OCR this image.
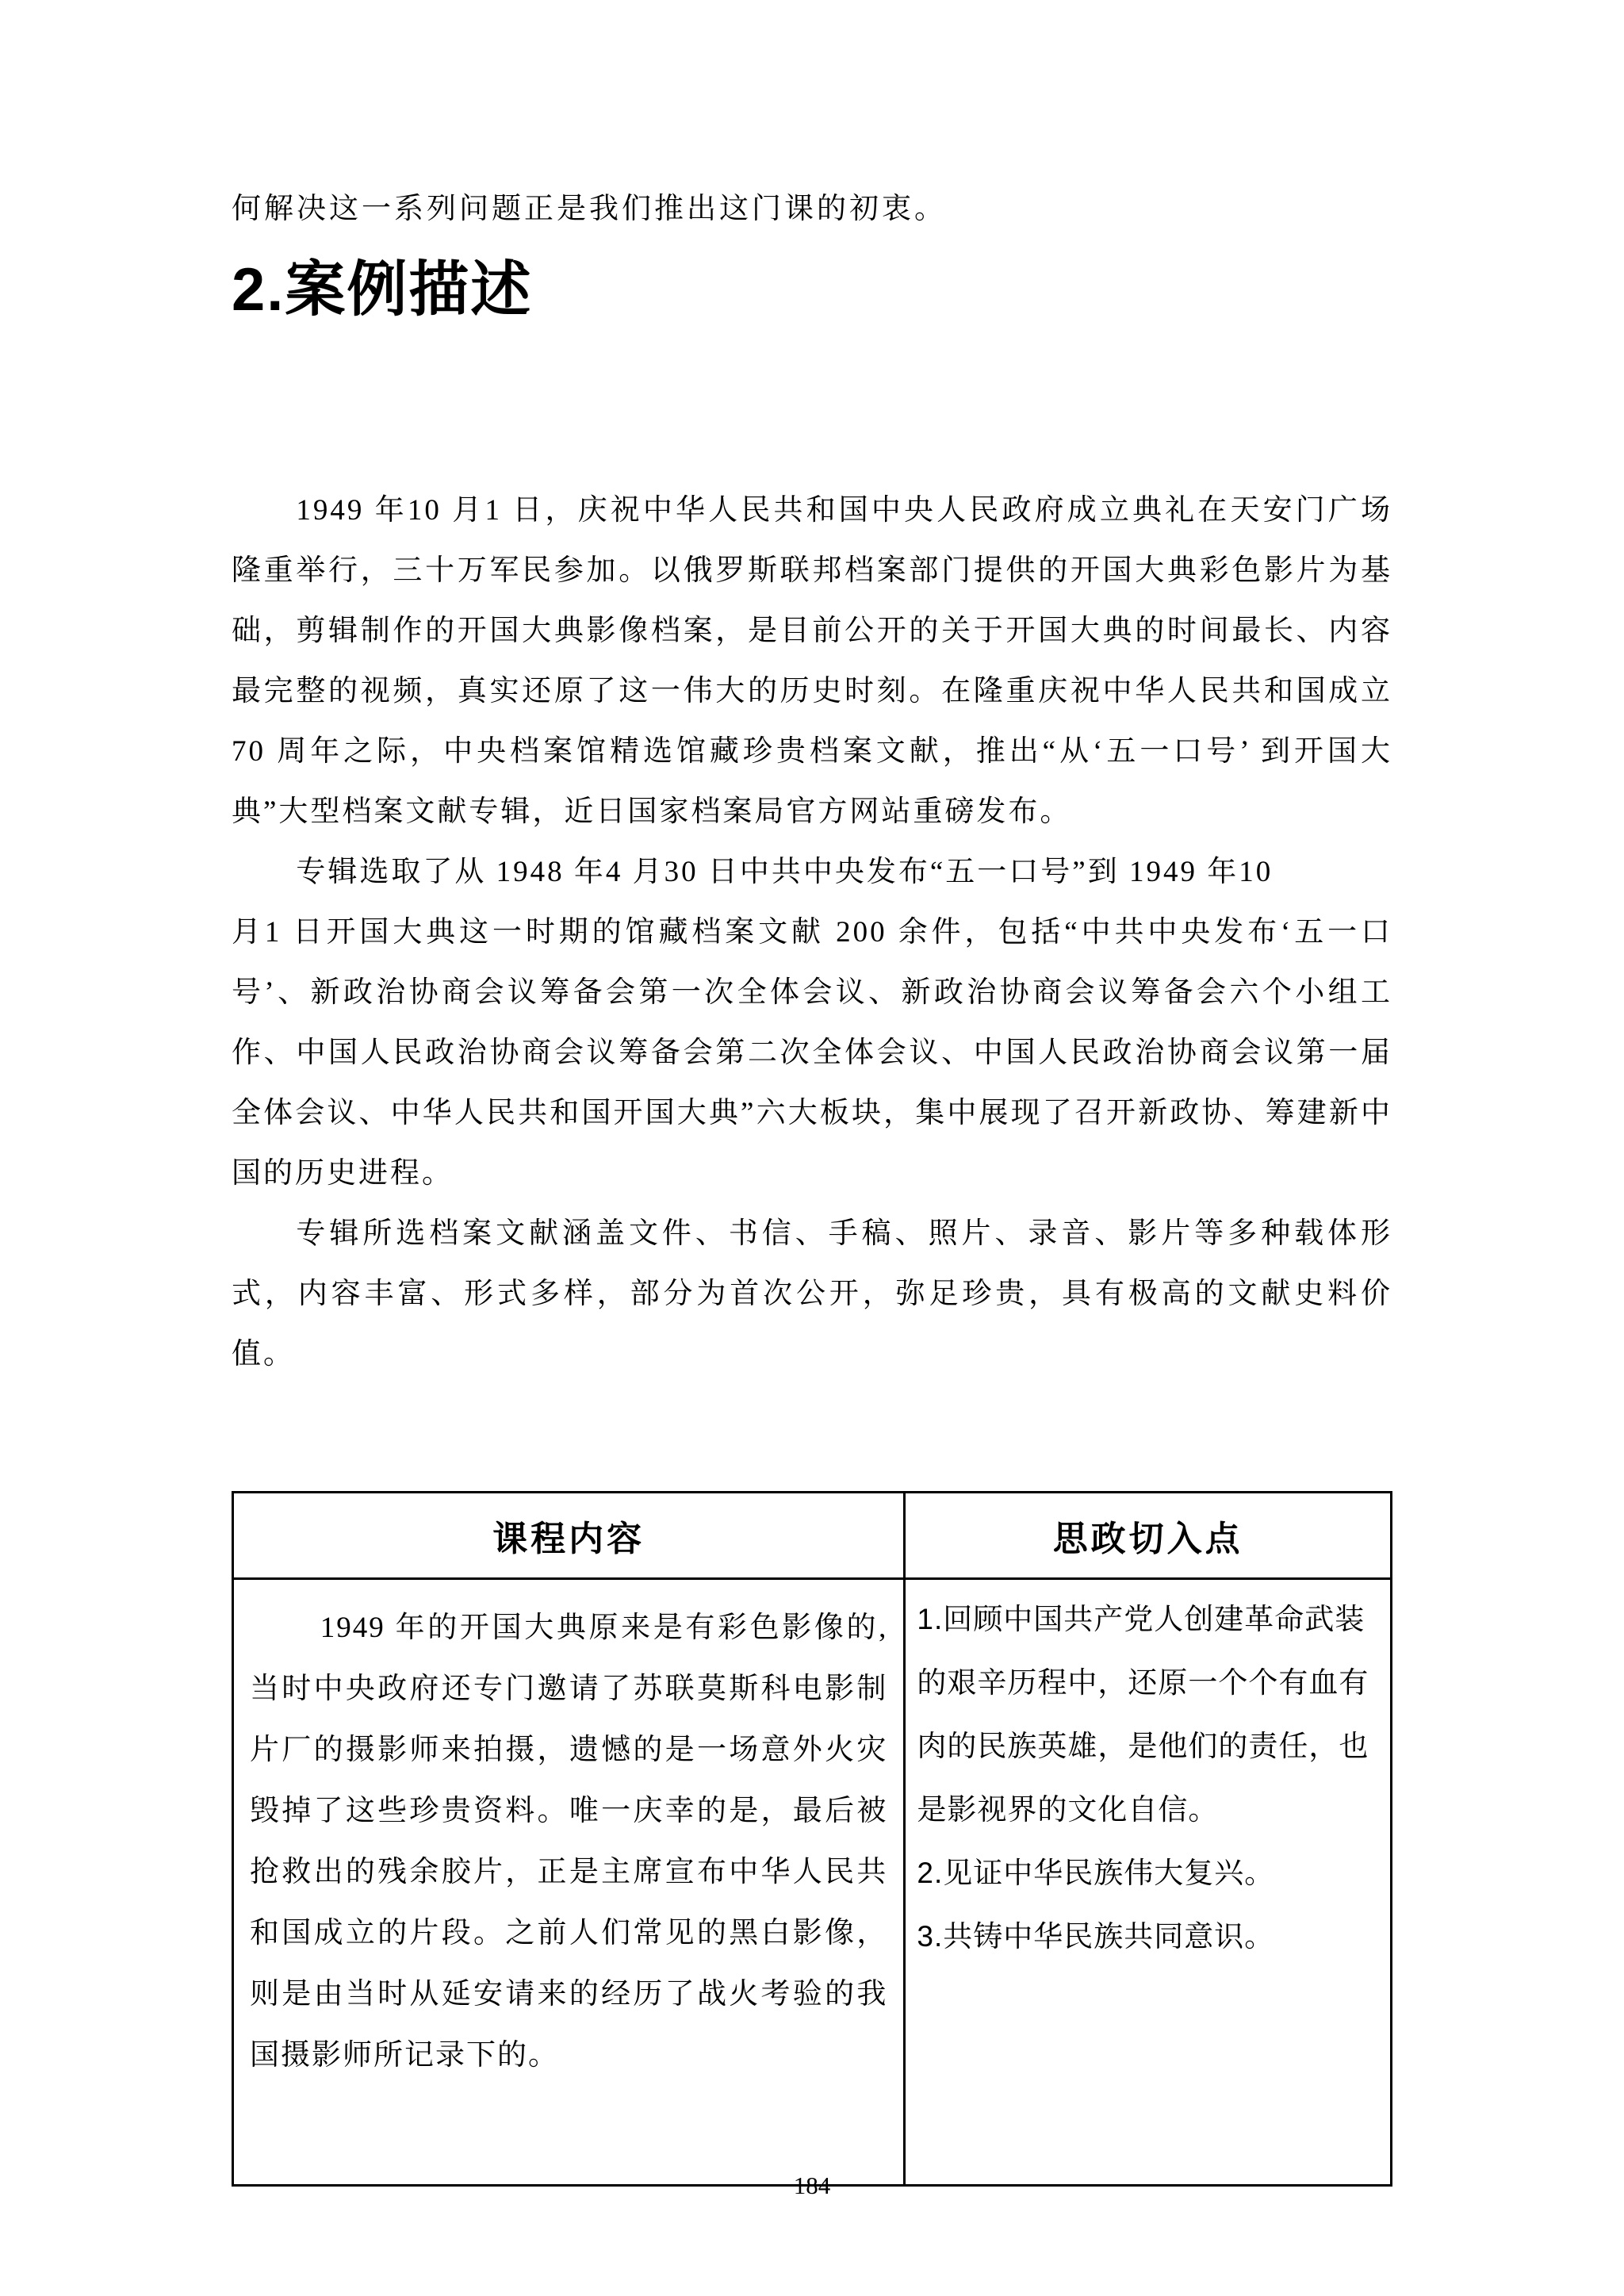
何解决这一系列问题正是我们推出这门课的初衷。
2.案例描述

1949 年10 月1 日，庆祝中华人民共和国中央人民政府成立典礼在天安门广场隆重举行，三十万军民参加。以俄罗斯联邦档案部门提供的开国大典彩色影片为基础，剪辑制作的开国大典影像档案，是目前公开的关于开国大典的时间最长、内容最完整的视频，真实还原了这一伟大的历史时刻。在隆重庆祝中华人民共和国成立70 周年之际，中央档案馆精选馆藏珍贵档案文献，推出“从‘五一口号’ 到开国大典”大型档案文献专辑，近日国家档案局官方网站重磅发布。

专辑选取了从 1948 年4 月30 日中共中央发布“五一口号”到 1949 年10

月1 日开国大典这一时期的馆藏档案文献 200 余件，包括“中共中央发布‘五一口号’、新政治协商会议筹备会第一次全体会议、新政治协商会议筹备会六个小组工作、中国人民政治协商会议筹备会第二次全体会议、中国人民政治协商会议第一届全体会议、中华人民共和国开国大典”六大板块，集中展现了召开新政协、筹建新中国的历史进程。

专辑所选档案文献涵盖文件、书信、手稿、照片、录音、影片等多种载体形式，内容丰富、形式多样，部分为首次公开，弥足珍贵，具有极高的文献史料价值。

课程内容	思政切入点

1949 年的开国大典原来是有彩色影像的,当时中央政府还专门邀请了苏联莫斯科电影制片厂的摄影师来拍摄，遗憾的是一场意外火灾毁掉了这些珍贵资料。唯一庆幸的是，最后被抢救出的残余胶片，正是主席宣布中华人民共和国成立的片段。之前人们常见的黑白影像，则是由当时从延安请来的经历了战火考验的我国摄影师所记录下的。	1.回顾中国共产党人创建革命武装的艰辛历程中，还原一个个有血有肉的民族英雄，是他们的责任，也是影视界的文化自信。

2.见证中华民族伟大复兴。

3.共铸中华民族共同意识。

184
